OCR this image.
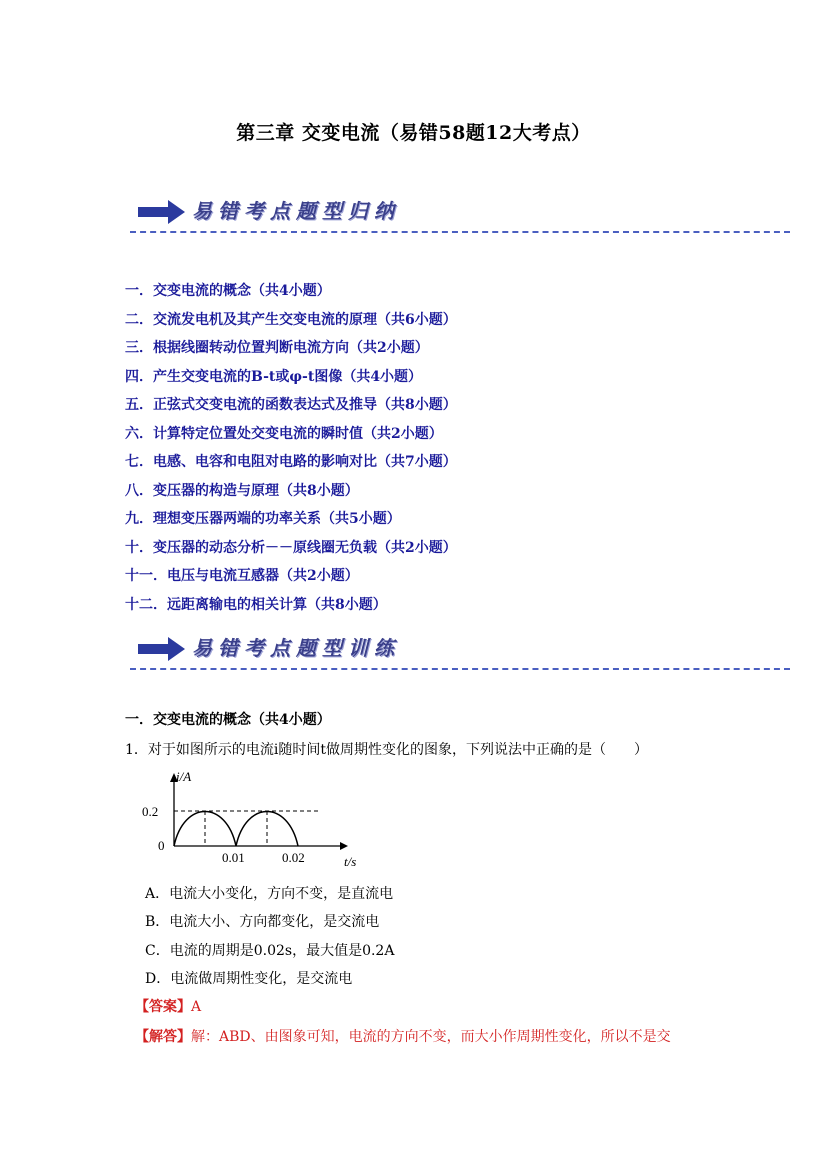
第三章 交变电流（易错58题12大考点）
易错考点题型归纳
一．交变电流的概念（共4小题）
二．交流发电机及其产生交变电流的原理（共6小题）
三．根据线圈转动位置判断电流方向（共2小题）
四．产生交变电流的B-t或φ-t图像（共4小题）
五．正弦式交变电流的函数表达式及推导（共8小题）
六．计算特定位置处交变电流的瞬时值（共2小题）
七．电感、电容和电阻对电路的影响对比（共7小题）
八．变压器的构造与原理（共8小题）
九．理想变压器两端的功率关系（共5小题）
十．变压器的动态分析－－原线圈无负载（共2小题）
十一．电压与电流互感器（共2小题）
十二．远距离输电的相关计算（共8小题）
易错考点题型训练
一．交变电流的概念（共4小题）
1．对于如图所示的电流i随时间t做周期性变化的图象，下列说法中正确的是（　　）
i/A
0.2
0
0.01	0.02	t/s
A．电流大小变化，方向不变，是直流电
B．电流大小、方向都变化，是交流电
C．电流的周期是0.02s，最大值是0.2A
D．电流做周期性变化，是交流电
【答案】A
【解答】解：ABD、由图象可知，电流的方向不变，而大小作周期性变化，所以不是交
